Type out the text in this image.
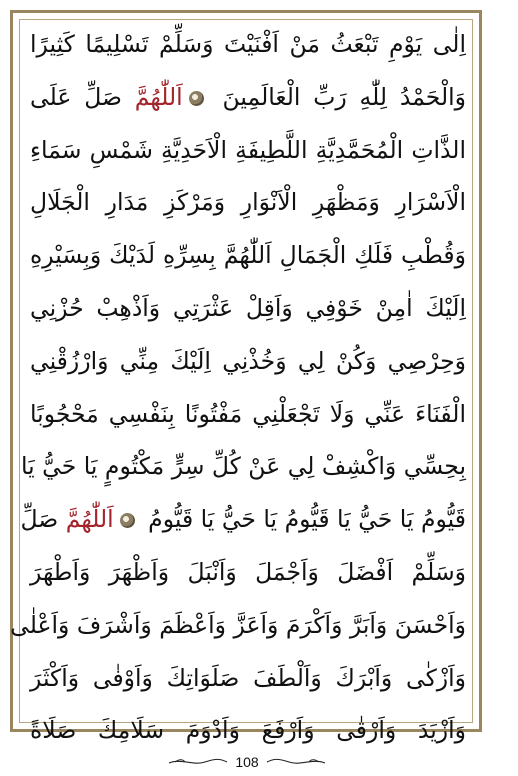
اِلٰى يَوْمِ تَبْعَثُ مَنْ اَفْنَيْتَ وَسَلِّمْ تَسْلِيمًا كَثِيرًا
وَالْحَمْدُ لِلّٰهِ رَبِّ الْعَالَمِينَ اَللّٰهُمَّ صَلِّ عَلَى
الذَّاتِ الْمُحَمَّدِيَّةِ اللَّطِيفَةِ الْاَحَدِيَّةِ شَمْسِ سَمَاءِ
الْاَسْرَارِ وَمَظْهَرِ الْاَنْوَارِ وَمَرْكَزِ مَدَارِ الْجَلَالِ
وَقُطْبِ فَلَكِ الْجَمَالِ اَللّٰهُمَّ بِسِرِّهِ لَدَيْكَ وَبِسَيْرِهِ
اِلَيْكَ اٰمِنْ خَوْفِي وَاَقِلْ عَثْرَتِي وَاَذْهِبْ حُزْنِي
وَحِرْصِي وَكُنْ لِي وَخُذْنِي اِلَيْكَ مِنِّي وَارْزُقْنِي
الْفَنَاءَ عَنِّي وَلَا تَجْعَلْنِي مَفْتُونًا بِنَفْسِي مَحْجُوبًا
بِحِسِّي وَاكْشِفْ لِي عَنْ كُلِّ سِرٍّ مَكْتُومٍ يَا حَيُّ يَا
قَيُّومُ يَا حَيُّ يَا قَيُّومُ يَا حَيُّ يَا قَيُّومُ اَللّٰهُمَّ صَلِّ
وَسَلِّمْ اَفْضَلَ وَاَجْمَلَ وَاَنْبَلَ وَاَظْهَرَ وَاَطْهَرَ
وَاَحْسَنَ وَاَبَرَّ وَاَكْرَمَ وَاَعَزَّ وَاَعْظَمَ وَاَشْرَفَ وَاَعْلٰى
وَاَزْكٰى وَاَبْرَكَ وَاَلْطَفَ صَلَوَاتِكَ وَاَوْفٰى وَاَكْثَرَ
وَاَزْيَدَ وَاَرْقٰى وَاَرْفَعَ وَاَدْوَمَ سَلَامِكَ صَلَاةً
108
